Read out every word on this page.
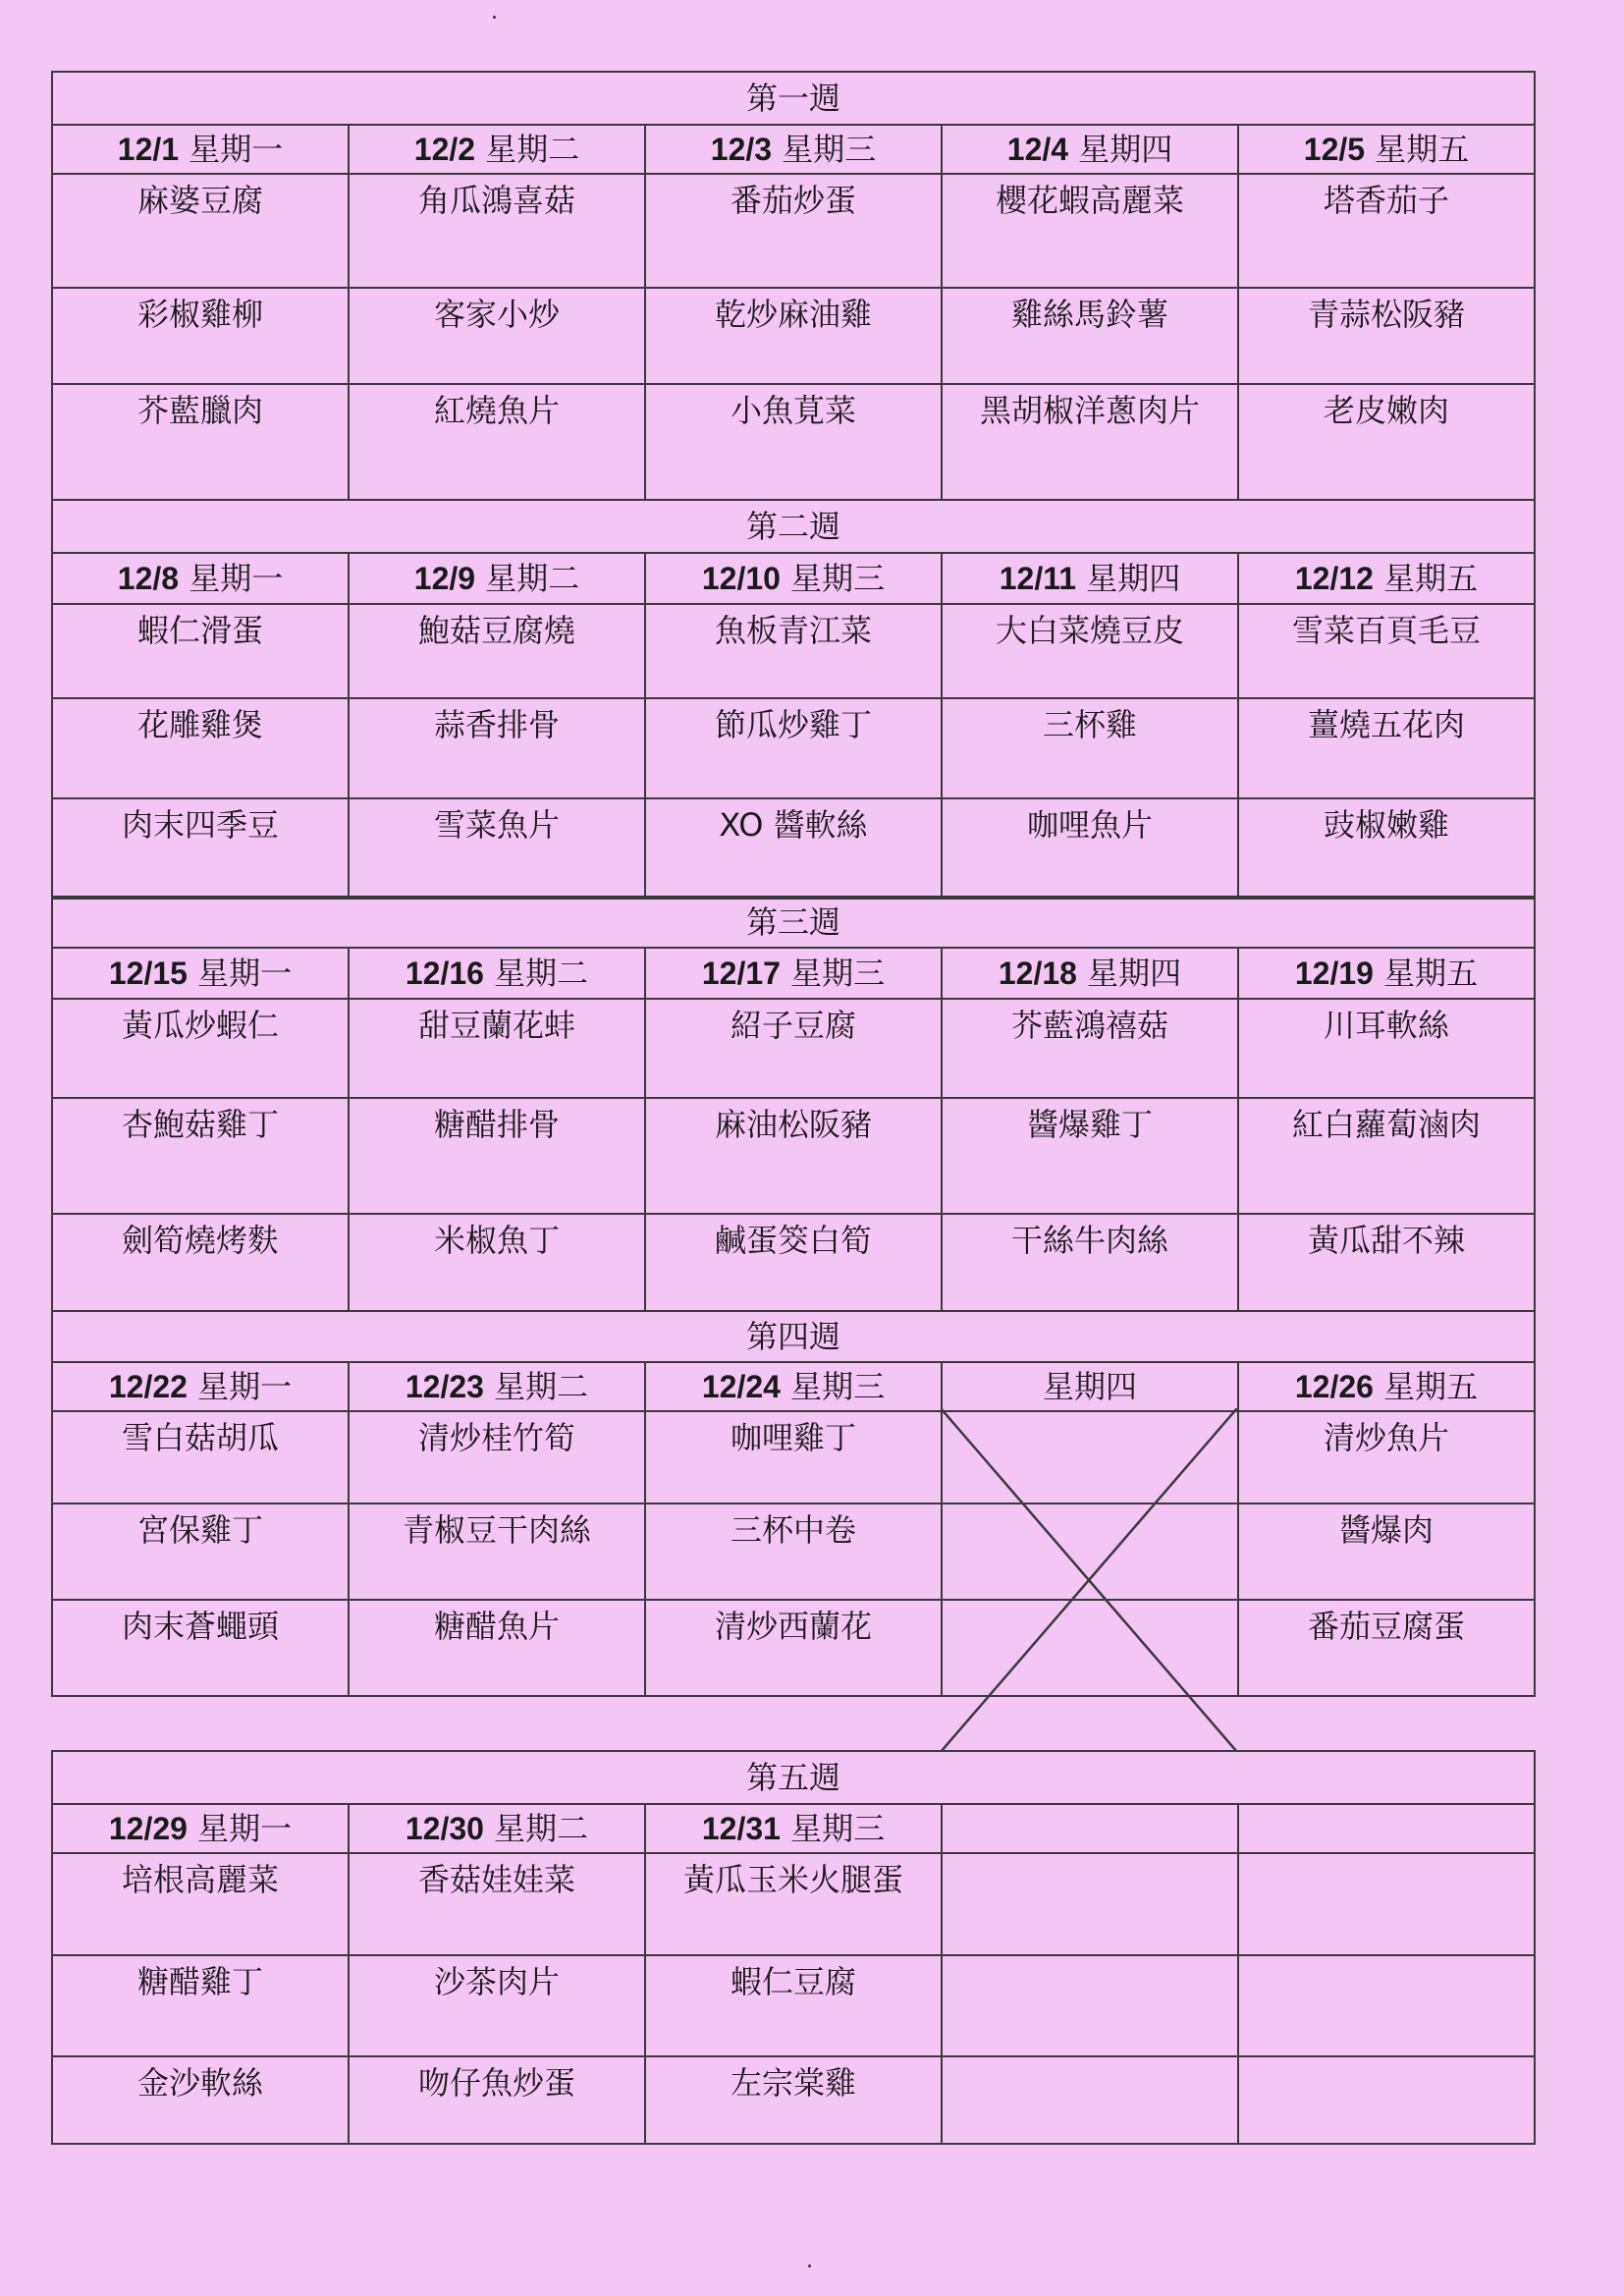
第一週				
12/1 星期一	12/2 星期二	12/3 星期三	12/4 星期四	12/5 星期五
麻婆豆腐	角瓜鴻喜菇	番茄炒蛋	櫻花蝦高麗菜	塔香茄子
彩椒雞柳	客家小炒	乾炒麻油雞	雞絲馬鈴薯	青蒜松阪豬
芥藍臘肉	紅燒魚片	小魚莧菜	黑胡椒洋蔥肉片	老皮嫩肉
第二週				
12/8 星期一	12/9 星期二	12/10 星期三	12/11 星期四	12/12 星期五
蝦仁滑蛋	鮑菇豆腐燒	魚板青江菜	大白菜燒豆皮	雪菜百頁毛豆
花雕雞煲	蒜香排骨	節瓜炒雞丁	三杯雞	薑燒五花肉
肉末四季豆	雪菜魚片	XO 醬軟絲	咖哩魚片	豉椒嫩雞
第三週				
12/15 星期一	12/16 星期二	12/17 星期三	12/18 星期四	12/19 星期五
黃瓜炒蝦仁	甜豆蘭花蚌	紹子豆腐	芥藍鴻禧菇	川耳軟絲
杏鮑菇雞丁	糖醋排骨	麻油松阪豬	醬爆雞丁	紅白蘿蔔滷肉
劍筍燒烤麩	米椒魚丁	鹹蛋筊白筍	干絲牛肉絲	黃瓜甜不辣
第四週				
12/22 星期一	12/23 星期二	12/24 星期三	星期四	12/26 星期五
雪白菇胡瓜	清炒桂竹筍	咖哩雞丁		清炒魚片
宮保雞丁	青椒豆干肉絲	三杯中卷		醬爆肉
肉末蒼蠅頭	糖醋魚片	清炒西蘭花		番茄豆腐蛋
第五週				
12/29 星期一	12/30 星期二	12/31 星期三		
培根高麗菜	香菇娃娃菜	黃瓜玉米火腿蛋		
糖醋雞丁	沙茶肉片	蝦仁豆腐		
金沙軟絲	吻仔魚炒蛋	左宗棠雞		
